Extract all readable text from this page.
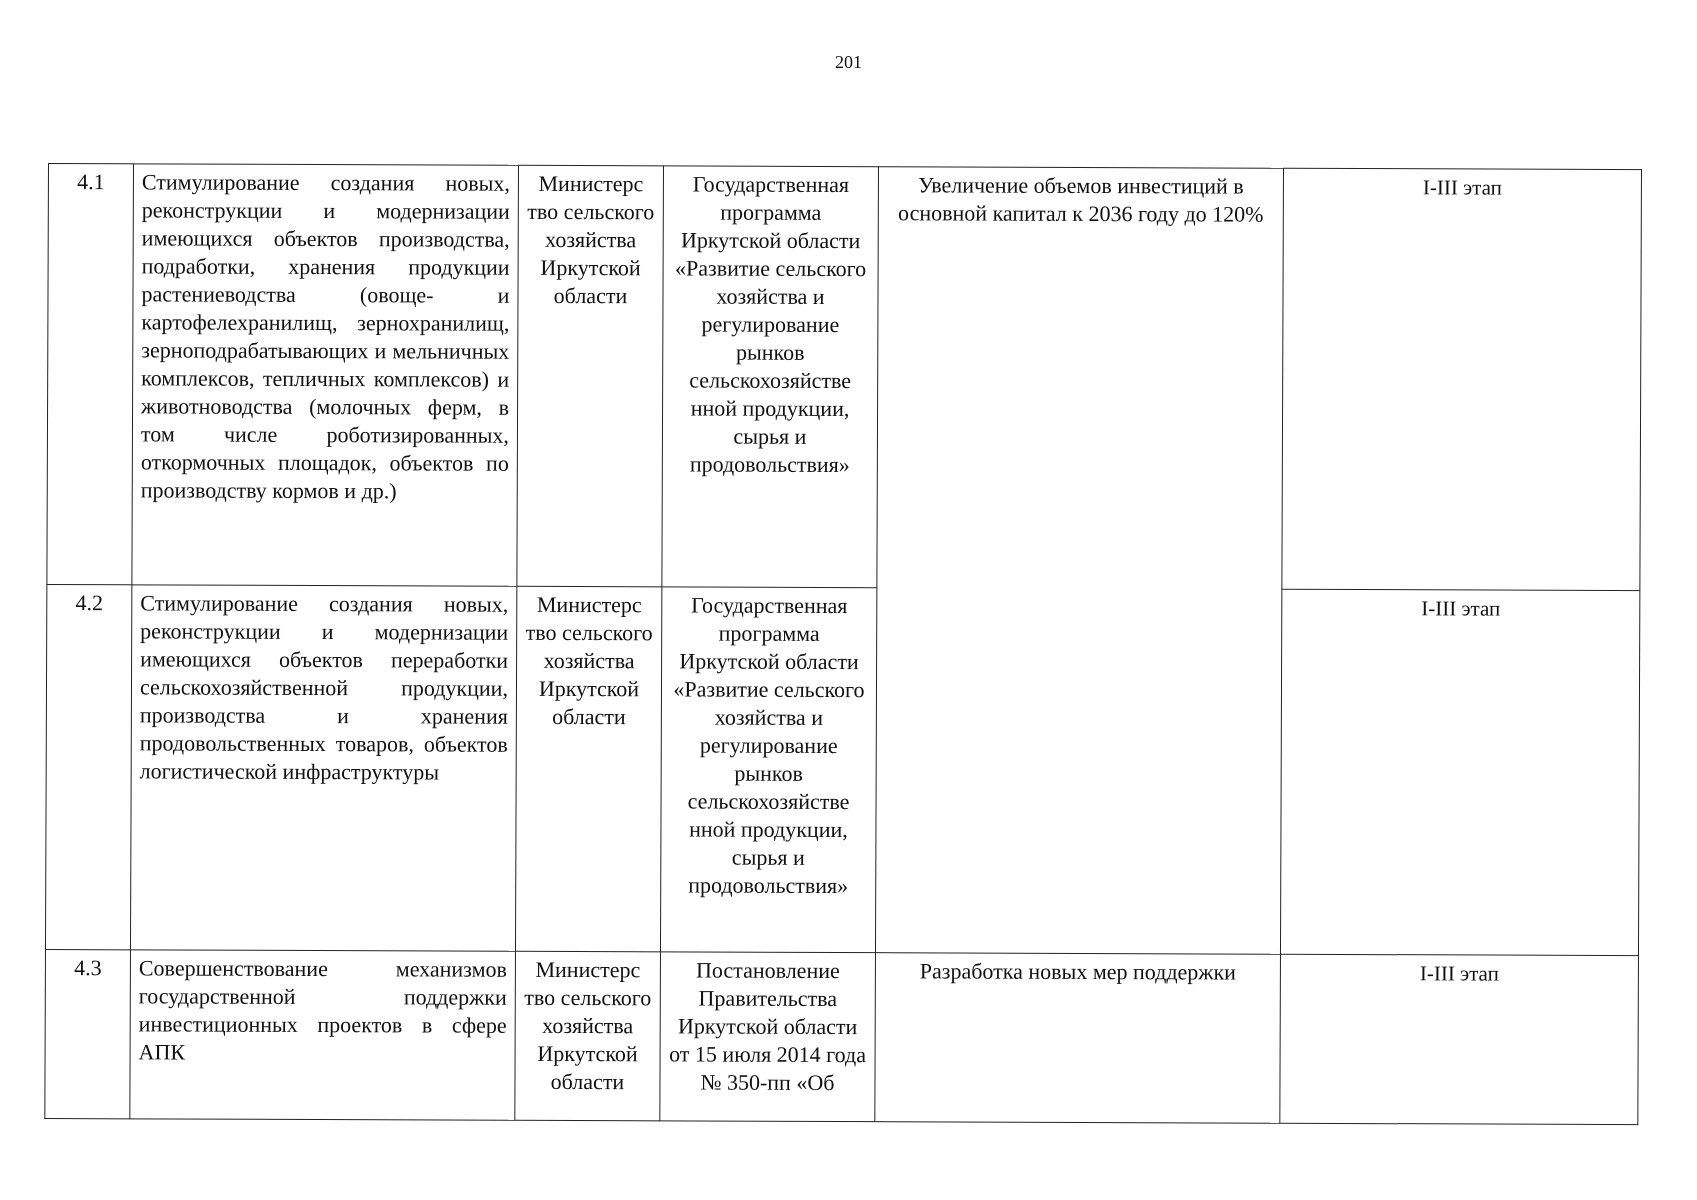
201
4.1	Стимулирование создания новых, реконструкции и модернизации имеющихся объектов производства, подработки, хранения продукции растениеводства (овоще- и картофелехранилищ, зернохранилищ, зерноподрабатывающих и мельничных комплексов, тепличных комплексов) и животноводства (молочных ферм, в том числе роботизированных, откормочных площадок, объектов по производству кормов и др.)	Министерс тво сельского хозяйства Иркутской области	Государственная программа Иркутской области «Развитие сельского хозяйства и регулирование рынков сельскохозяйстве нной продукции, сырья и продовольствия»	Увеличение объемов инвестиций в основной капитал к 2036 году до 120%	I-III этап
4.2	Стимулирование создания новых, реконструкции и модернизации имеющихся объектов переработки сельскохозяйственной продукции, производства и хранения продовольственных товаров, объектов логистической инфраструктуры	Министерс тво сельского хозяйства Иркутской области	Государственная программа Иркутской области «Развитие сельского хозяйства и регулирование рынков сельскохозяйстве нной продукции, сырья и продовольствия»		I-III этап
4.3	Совершенствование механизмов государственной поддержки инвестиционных проектов в сфере АПК	Министерс тво сельского хозяйства Иркутской области	Постановление Правительства Иркутской области от 15 июля 2014 года № 350-пп «Об	Разработка новых мер поддержки	I-III этап
